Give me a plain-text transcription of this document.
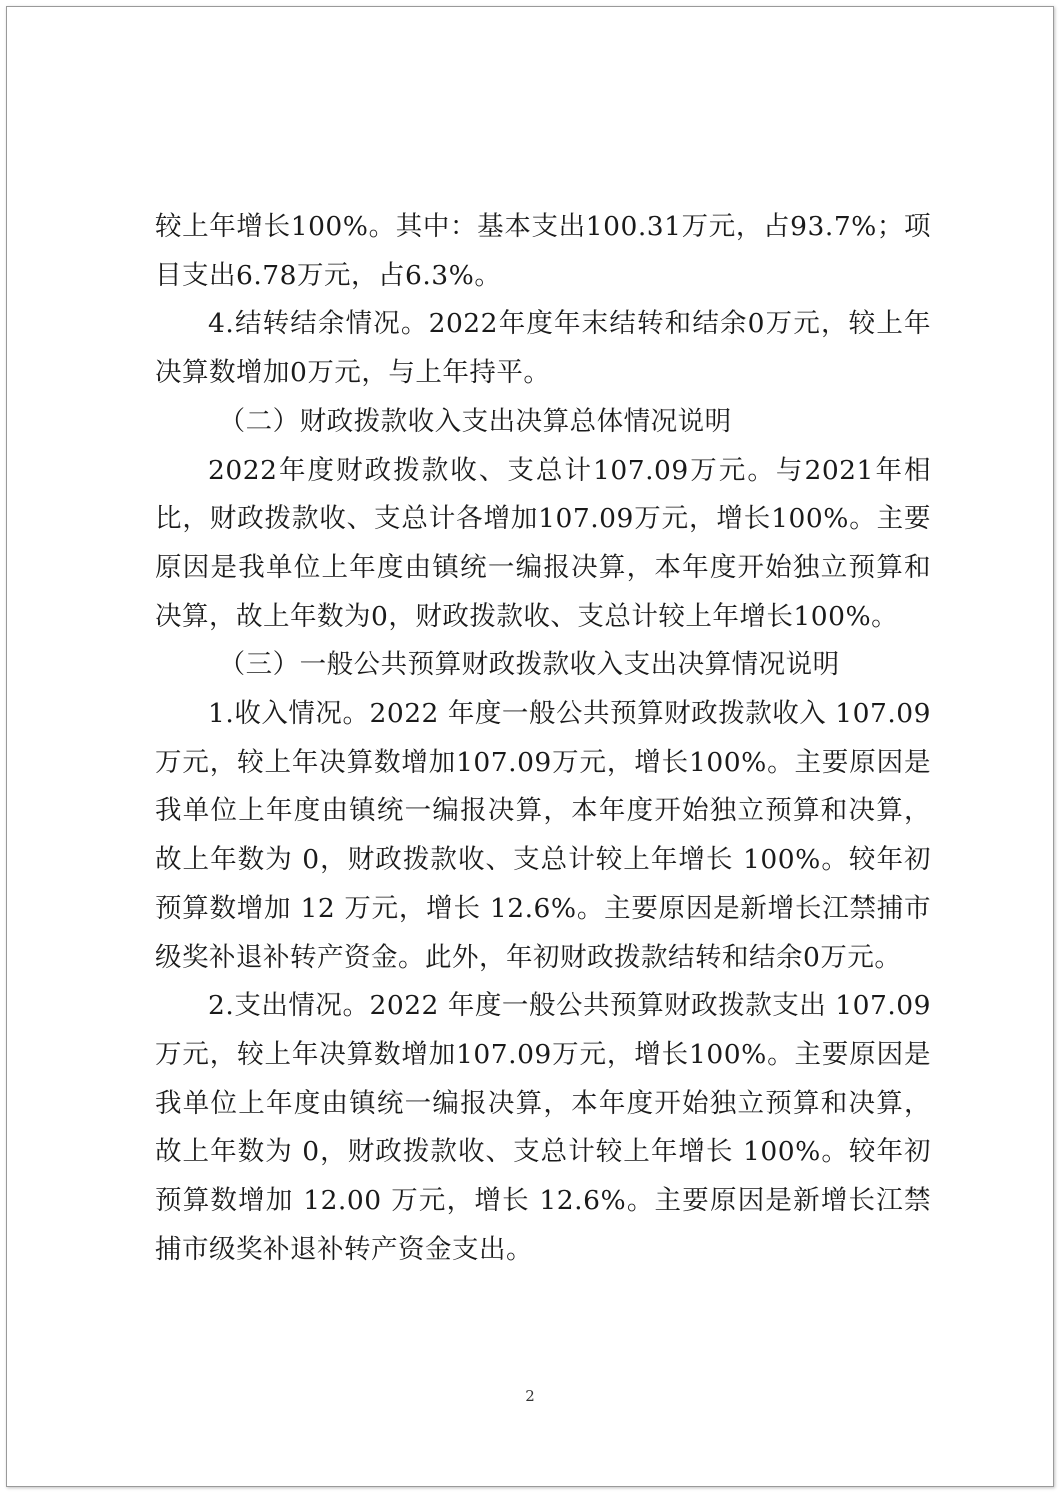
较上年增长100%。其中：基本支出100.31万元，占93.7%；项目支出6.78万元，占6.3%。

4.结转结余情况。2022年度年末结转和结余0万元，较上年决算数增加0万元，与上年持平。

（二）财政拨款收入支出决算总体情况说明

2022年度财政拨款收、支总计107.09万元。与2021年相比，财政拨款收、支总计各增加107.09万元，增长100%。主要原因是我单位上年度由镇统一编报决算，本年度开始独立预算和决算，故上年数为0，财政拨款收、支总计较上年增长100%。

（三）一般公共预算财政拨款收入支出决算情况说明

1.收入情况。2022 年度一般公共预算财政拨款收入 107.09万元，较上年决算数增加107.09万元，增长100%。主要原因是我单位上年度由镇统一编报决算，本年度开始独立预算和决算，故上年数为 0，财政拨款收、支总计较上年增长 100%。较年初预算数增加 12 万元，增长 12.6%。主要原因是新增长江禁捕市级奖补退补转产资金。此外，年初财政拨款结转和结余0万元。

2.支出情况。2022 年度一般公共预算财政拨款支出 107.09万元，较上年决算数增加107.09万元，增长100%。主要原因是我单位上年度由镇统一编报决算，本年度开始独立预算和决算，故上年数为 0，财政拨款收、支总计较上年增长 100%。较年初预算数增加 12.00 万元，增长 12.6%。主要原因是新增长江禁捕市级奖补退补转产资金支出。

2
